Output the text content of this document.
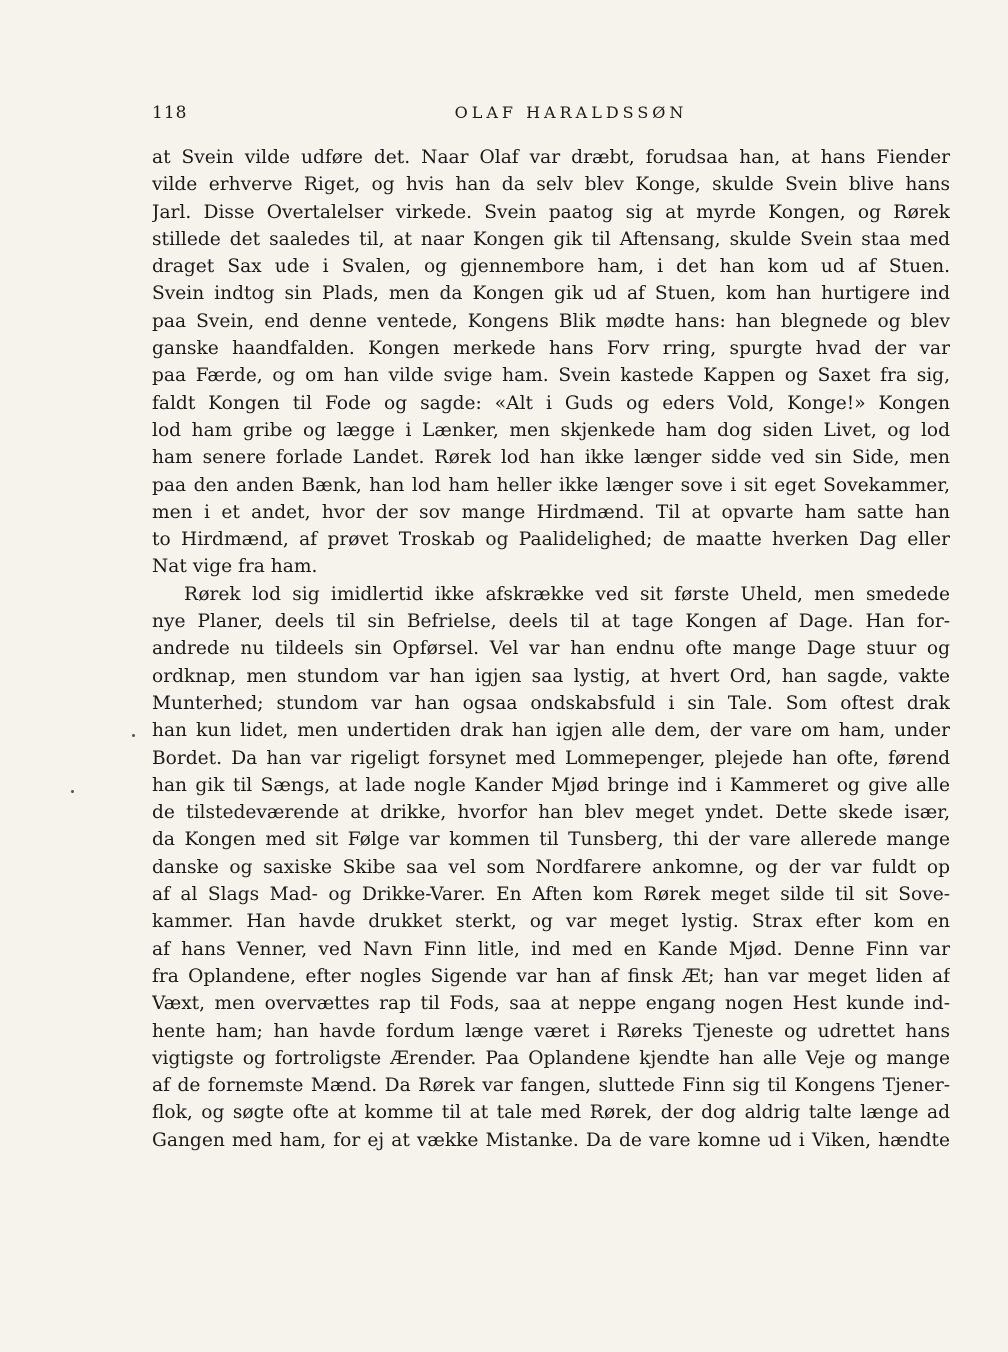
118	OLAF HARALDSSØN

at Svein vilde udføre det. Naar Olaf var dræbt, forudsaa han, at hans Fiender
vilde erhverve Riget, og hvis han da selv blev Konge, skulde Svein blive hans
Jarl. Disse Overtalelser virkede. Svein paatog sig at myrde Kongen, og Rørek
stillede det saaledes til, at naar Kongen gik til Aftensang, skulde Svein staa med
draget Sax ude i Svalen, og gjennembore ham, i det han kom ud af Stuen.
Svein indtog sin Plads, men da Kongen gik ud af Stuen, kom han hurtigere ind
paa Svein, end denne ventede, Kongens Blik mødte hans: han blegnede og blev
ganske haandfalden. Kongen merkede hans Forv rring, spurgte hvad der var
paa Færde, og om han vilde svige ham. Svein kastede Kappen og Saxet fra sig,
faldt Kongen til Fode og sagde: «Alt i Guds og eders Vold, Konge!» Kongen
lod ham gribe og lægge i Lænker, men skjenkede ham dog siden Livet, og lod
ham senere forlade Landet. Rørek lod han ikke længer sidde ved sin Side, men
paa den anden Bænk, han lod ham heller ikke længer sove i sit eget Sovekammer,
men i et andet, hvor der sov mange Hirdmænd. Til at opvarte ham satte han
to Hirdmænd, af prøvet Troskab og Paalidelighed; de maatte hverken Dag eller
Nat vige fra ham.

Rørek lod sig imidlertid ikke afskrække ved sit første Uheld, men smedede
nye Planer, deels til sin Befrielse, deels til at tage Kongen af Dage. Han for-
andrede nu tildeels sin Opførsel. Vel var han endnu ofte mange Dage stuur og
ordknap, men stundom var han igjen saa lystig, at hvert Ord, han sagde, vakte
Munterhed; stundom var han ogsaa ondskabsfuld i sin Tale. Som oftest drak
han kun lidet, men undertiden drak han igjen alle dem, der vare om ham, under
Bordet. Da han var rigeligt forsynet med Lommepenger, plejede han ofte, førend
han gik til Sængs, at lade nogle Kander Mjød bringe ind i Kammeret og give alle
de tilstedeværende at drikke, hvorfor han blev meget yndet. Dette skede især,
da Kongen med sit Følge var kommen til Tunsberg, thi der vare allerede mange
danske og saxiske Skibe saa vel som Nordfarere ankomne, og der var fuldt op
af al Slags Mad- og Drikke-Varer. En Aften kom Rørek meget silde til sit Sove-
kammer. Han havde drukket sterkt, og var meget lystig. Strax efter kom en
af hans Venner, ved Navn Finn litle, ind med en Kande Mjød. Denne Finn var
fra Oplandene, efter nogles Sigende var han af finsk Æt; han var meget liden af
Væxt, men overvættes rap til Fods, saa at neppe engang nogen Hest kunde ind-
hente ham; han havde fordum længe været i Røreks Tjeneste og udrettet hans
vigtigste og fortroligste Ærender. Paa Oplandene kjendte han alle Veje og mange
af de fornemste Mænd. Da Rørek var fangen, sluttede Finn sig til Kongens Tjener-
flok, og søgte ofte at komme til at tale med Rørek, der dog aldrig talte længe ad
Gangen med ham, for ej at vække Mistanke. Da de vare komne ud i Viken, hændte
